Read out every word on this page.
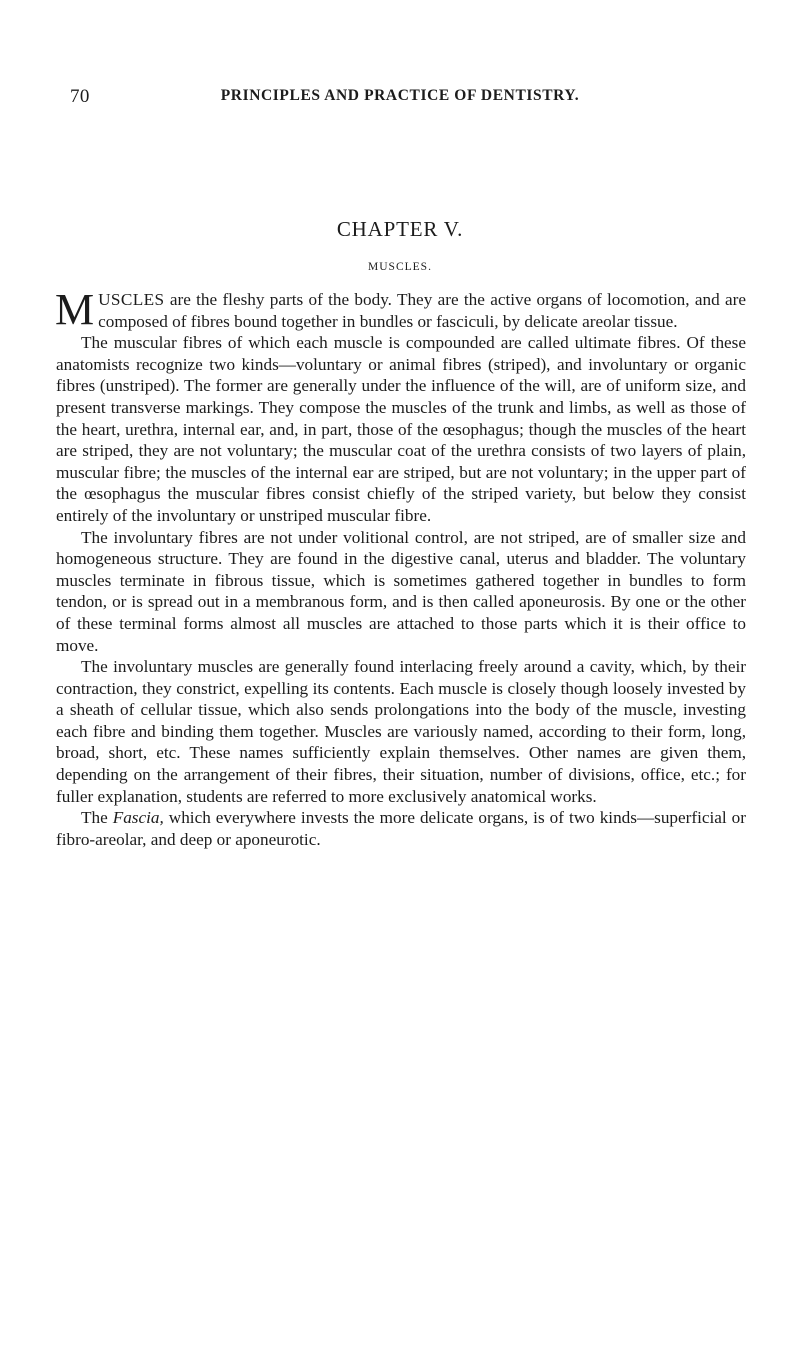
70	PRINCIPLES AND PRACTICE OF DENTISTRY.
CHAPTER V.
MUSCLES.

MUSCLES are the fleshy parts of the body. They are the active organs of locomotion, and are composed of fibres bound together in bundles or fasciculi, by delicate areolar tissue.

The muscular fibres of which each muscle is compounded are called ultimate fibres. Of these anatomists recognize two kinds—voluntary or animal fibres (striped), and involuntary or organic fibres (unstriped). The former are generally under the influence of the will, are of uniform size, and present transverse markings. They compose the muscles of the trunk and limbs, as well as those of the heart, urethra, internal ear, and, in part, those of the œsophagus; though the muscles of the heart are striped, they are not voluntary; the muscular coat of the urethra consists of two layers of plain, muscular fibre; the muscles of the internal ear are striped, but are not voluntary; in the upper part of the œsophagus the muscular fibres consist chiefly of the striped variety, but below they consist entirely of the involuntary or unstriped muscular fibre.

The involuntary fibres are not under volitional control, are not striped, are of smaller size and homogeneous structure. They are found in the digestive canal, uterus and bladder. The voluntary muscles terminate in fibrous tissue, which is sometimes gathered together in bundles to form tendon, or is spread out in a membranous form, and is then called aponeurosis. By one or the other of these terminal forms almost all muscles are attached to those parts which it is their office to move.

The involuntary muscles are generally found interlacing freely around a cavity, which, by their contraction, they constrict, expelling its contents. Each muscle is closely though loosely invested by a sheath of cellular tissue, which also sends prolongations into the body of the muscle, investing each fibre and binding them together. Muscles are variously named, according to their form, long, broad, short, etc. These names sufficiently explain themselves. Other names are given them, depending on the arrangement of their fibres, their situation, number of divisions, office, etc.; for fuller explanation, students are referred to more exclusively anatomical works.

The Fascia, which everywhere invests the more delicate organs, is of two kinds—superficial or fibro-areolar, and deep or aponeurotic.
